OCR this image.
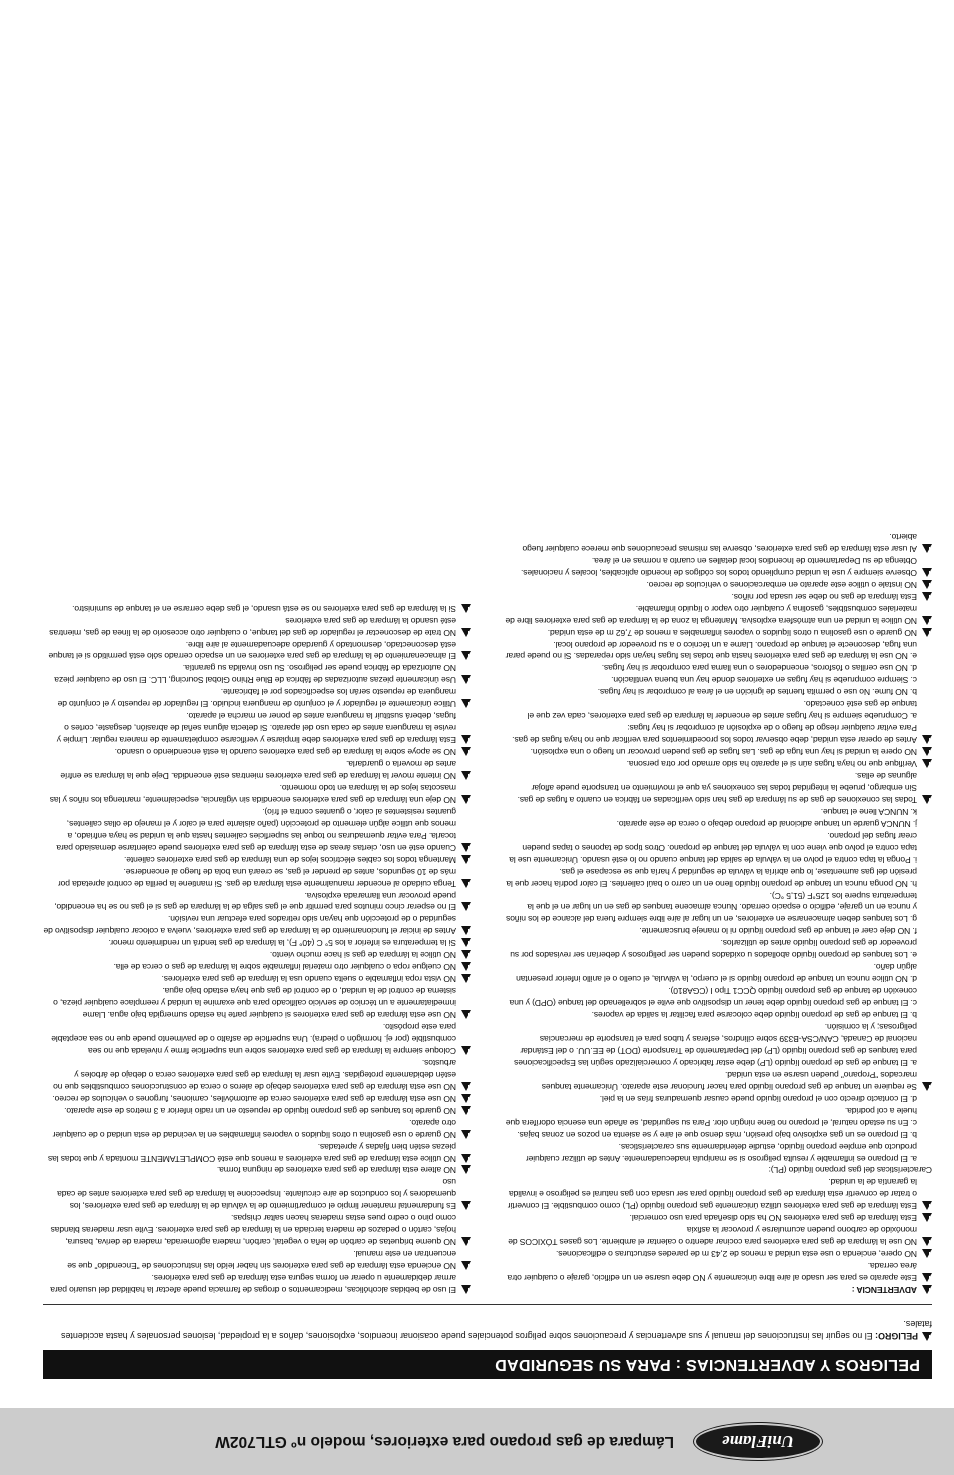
UniFlame
Lámpara de gas propano para exteriores, modelo nº GTL702W
PELIGROS Y ADVERTENCIAS : PARA SU SEGURIDAD
PELIGRO: El no seguir las instrucciones del manual y sus advertencias y precauciones sobre peligros potenciales puede ocasionar incendios, explosiones, daños a la propiedad, lesiones personales y hasta accidentes fatales.

ADVERTENCIA :

Este aparato es para ser usado al aire libre únicamente y NO debe usarse en un edificio, garaje o cualquier otra área cerrada.

NO opere, encienda o use esta unidad a menos de 2,43 m de paredes estructuras o edificaciones.

NO use la lámpara de gas para exteriores para cocinar adentro o calentar el ambiente. Los gases TÓXICOS de monóxido de carbono pueden acumularse y provocar la asfixia

Esta lámpara de gas para exteriores NO ha sido diseñada para uso comercial.

Esta lámpara de gas para exteriores utiliza únicamente gas propano líquido (PL) como combustible. El convertir o tratar de convertir esta lámpara de gas propano líquido para ser usada con gas natural es peligroso e invalida la garantía de la unidad.

Características del gas propano líquido (PL):

a. El propano es inflamable y resulta peligroso si se manipula inadecuadamente. Antes de utilizar cualquier producto que emplee propano líquido, estudie detenidamente sus características.

b. El propano es un gas explosivo bajo presión, más denso que el aire y se asienta en pozos en zonas bajas.

c. En su estado natural, el propano no tiene ningún olor. Para su seguridad, se añade una esencia odorífera que huele a col podrida.

d. El contacto directo con el propano líquido puede causar quemaduras frías en la piel.

Se requiere un tanque de gas propano líquido para hacer funcionar este aparato. Únicamente tanques marcados "Propano" pueden usarse en esta unidad.

a. El tanque de gas de propano líquido (LP) debe estar fabricado y comercializado según las Especificaciones para tanques de gas propano líquido (LP) del Departamento de Transporte (DOT) de EE.UU. o del Estándar nacional de Canadá, CAN/CSA-B339 sobre cilindros, esferas y tubos para el transporte de mercancías peligrosas; y la comisión.

b. El tanque de gas de propano líquido debe colocarse para facilitar la salida de vapores.

c. El tanque de gas propano líquido debe tener un dispositivo que evite el sobrellenado del tanque (OPD) y una conexión de tanque de gas propano líquido QCC1 Tipo I (CGA810).

d. NO utilice nunca un tanque de propano líquido si el cuerpo, la válvula, el cuello o el anillo inferior presentan algún daño.

e. Los tanques de propano líquido abollados u oxidados pueden ser peligrosos y deberían ser revisados por su proveedor de gas propano líquido antes de utilizarlos.

f. NO deje caer el tanque de gas propano líquido ni lo maneje bruscamente.

g. Los tanques deben almacenarse en exteriores, en un lugar al aire libre siempre fuera del alcance de los niños y nunca en un garaje, edificio o espacio cerrado. Nunca almacene tanques de gas en un lugar en el que la temperatura supere los 125°F (51,5 °C).

h. NO ponga nunca un tanque de propano líquido lleno en un carro o baúl calientes. El calor podría hacer que la presión del gas aumentase, lo que abriría la válvula de seguridad y haría que se escapase el gas.

i. Ponga la tapa contra el polvo en la válvula de salida del tanque cuando no lo esté usando. Únicamente use la tapa contra el polvo que viene con la válvula del tanque de propano. Otros tipos de tapones o tapas pueden crear fugas del propano.

j. NUNCA guarde un tanque adicional de propano debajo o cerca de este aparato.

k. NUNCA llene el tanque.

Todas las conexiones de gas de su lámpara de gas han sido verificadas en fábrica en cuanto a fugas de gas. Sin embargo, pruebe la integridad todas las conexiones ya que el movimiento en transporte puede aflojar algunas de ellas.

Verifique que no haya fugas aún si el aparato ha sido armado por otra persona.

NO opere la unidad si hay una fuga de gas. Las fugas de gas pueden provocar un fuego o una explosión.

Antes de operar esta unidad, debe observar todos los procedimientos para verificar que no haya fugas de gas. Para evitar cualquier riesgo de fuego o de explosión al comprobar si hay fugas:

a. Compruebe siempre si hay fugas antes de encender la lámpara de gas para exteriores, cada vez que el tanque de gas esté conectado.

b. NO fume. No use o permita fuentes de ignición en el área al comprobar si hay fugas.

c. Siempre compruebe si hay fugas en exteriores donde hay una buena ventilación.

d. NO use cerillas o fósforos, encendedores o una llama para comprobar si hay fugas.

e. NO use la lámpara de gas para exteriores hasta que todas las fugas hayan sido reparadas. Si no puede parar una fuga, desconecte el tanque de propano. Llame a un técnico o a su proveedor de propano local.

NO guarde o use gasolina u otros líquidos o vapores inflamables a menos de 7,62 m de esta unidad.

NO utilice la unidad en una atmósfera explosiva. Mantenga la zona de la lámpara de gas para exteriores libre de materiales combustibles, gasolina y cualquier otro vapor o líquido inflamable.

Esta lámpara de gas no debe ser usada por niños.

NO instale o utilice este aparato en embarcaciones o vehículos de recreo.

Observe siempre y use la unidad cumpliendo todos los códigos de incendio aplicables, locales y nacionales. Obtenga de su Departamento de Incendios local detalles en cuanto a normas en el área.

Al usar esta lámpara de gas para exteriores, observe las mismas precauciones que merece cualquier fuego abierto.

El uso de bebidas alcohólicas, medicamentos o drogas de farmacia puede afectar la habilidad del usuario para armar debidamente u operar en forma segura esta lámpara de gas para exteriores.

NO encienda esta lámpara de gas para exteriores sin haber leído las instrucciones de "Encendido" que se encuentran en este manual.

NO queme briquetas de carbón de leña o vegetal, carbón, madera aglomerada, madera de deriva, basura, hojas, cartón o pedazos de madera terciada en la lámpara de gas para exteriores. Evite usar maderas blandas como pino o cedro pues estas maderas hacen saltar chispas.

Es fundamental mantener limpio el compartimiento de la válvula de la lámpara de gas para exteriores, los quemadores y los conductos de aire circulante. Inspeccione la lámpara de gas para exteriores antes de cada uso

NO altere esta lámpara de gas para exteriores de ninguna forma.

NO utilice esta lámpara de gas para exteriores a menos que esté COMPLETAMENTE montada y que todas las piezas estén bien fijadas y apretadas.

NO guarde o use gasolina u otros líquidos o vapores inflamables en la vecindad de esta unidad o de cualquier otro aparato.

NO guarde los tanques de gas propano líquido de repuesto en un radio inferior a 3 metros de este aparato.

NO use esta lámpara de gas para exteriores cerca de automóviles, camiones, furgones o vehículos de recreo.

NO use esta lámpara de gas para exteriores debajo de aleros o cerca de construcciones combustibles que no estén debidamente protegidas. Evite usar la lámpara de gas para exteriores cerca o debajo de árboles y arbustos.

Coloque siempre la lámpara de gas para exteriores sobre una superficie firme y nivelada que no sea combustible (por ej. hormigón o piedra). Una superficie de asfalto o de pavimento puede que no sea aceptable para este propósito.

NO use esta lámpara de gas para exteriores si cualquier parte ha estado sumergida bajo agua. Llame inmediatamente a un técnico de servicio calificado para que examine la unidad y reemplace cualquier pieza, o sistema de control de la unidad, o de control de gas que haya estado bajo agua.

NO vista ropa inflamable o suelta cuando usa la lámpara de gas para exteriores.

NO cuelgue ropa o cualquier otro material inflamable sobre la lámpara de gas o cerca de ella.

NO utilice la lámpara de gas si hace mucho viento.

Si la temperatura es inferior a los 5° C (40° F), la lámpara de gas tendrá un rendimiento menor.

Antes de iniciar el funcionamiento de la lámpara de gas para exteriores, vuelva a colocar cualquier dispositivo de seguridad o de protección que hayan sido retirados para efectuar una revisión.

El no esperar cinco minutos para permitir que el gas salga de la lámpara de gas si el gas no se ha encendido, puede provocar una llamarada explosiva.

Tenga cuidado al encender manualmente esta lámpara de gas. Si mantiene la perilla de control apretada por más de 10 segundos, antes de prender el gas, se creará una bola de fuego al encenderse.

Mantenga todos los cables eléctricos lejos de una lámpara de gas para exteriores caliente.

Cuando esté en uso, ciertas áreas de esta lámpara de gas para exteriores puede calentarse demasiado para tocarla. Para evitar quemaduras no toque las superficies calientes hasta que la unidad se haya enfriado, a menos que utilice algún elemento de protección (paño aislante para el calor y el manejo de ollas calientes, guantes resistentes al calor, o guantes contra el frío).

NO deje una lámpara de gas para exteriores encendida sin vigilancia, especialmente, mantenga los niños y las mascotas lejos de la lámpara en todo momento.

NO intente mover la lámpara de gas para exteriores mientras esté encendida. Deje que la lámpara se enfríe antes de moverla o guardarla.

NO se apoye sobre la lámpara de gas para exteriores cuando la está encendiendo o usando.

Esta lámpara de gas para exteriores debe limpiarse y verificarse completamente de manera regular. Limpie y revise la manguera antes de cada uso del aparato. Si detecta alguna señal de abrasión, desgaste, cortes o fugas, deberá sustituir la manguera antes de poner en marcha el aparato.

Utilice únicamente el regulador y el conjunto de manguera incluido. El regulador de repuesto y el conjunto de manguera de repuesto serán los especificados por el fabricante.

Use únicamente piezas autorizadas de fábrica de Blue Rhino Global Sourcing, LLC. El uso de cualquier pieza NO autorizada de fábrica puede ser peligroso. Su uso invalida su garantía.

El almacenamiento de la lámpara de gas para exteriores en un espacio cerrado sólo está permitido si el tanque está desconectado, desmontado y guardado adecuadamente al aire libre.

NO trate de desconectar el regulador de gas del tanque, o cualquier otro accesorio de la línea de gas, mientras esté usando la lámpara de gas para exteriores

Si la lámpara de gas para exteriores no se está usando, el gas debe cerrarse en el tanque de suministro.
